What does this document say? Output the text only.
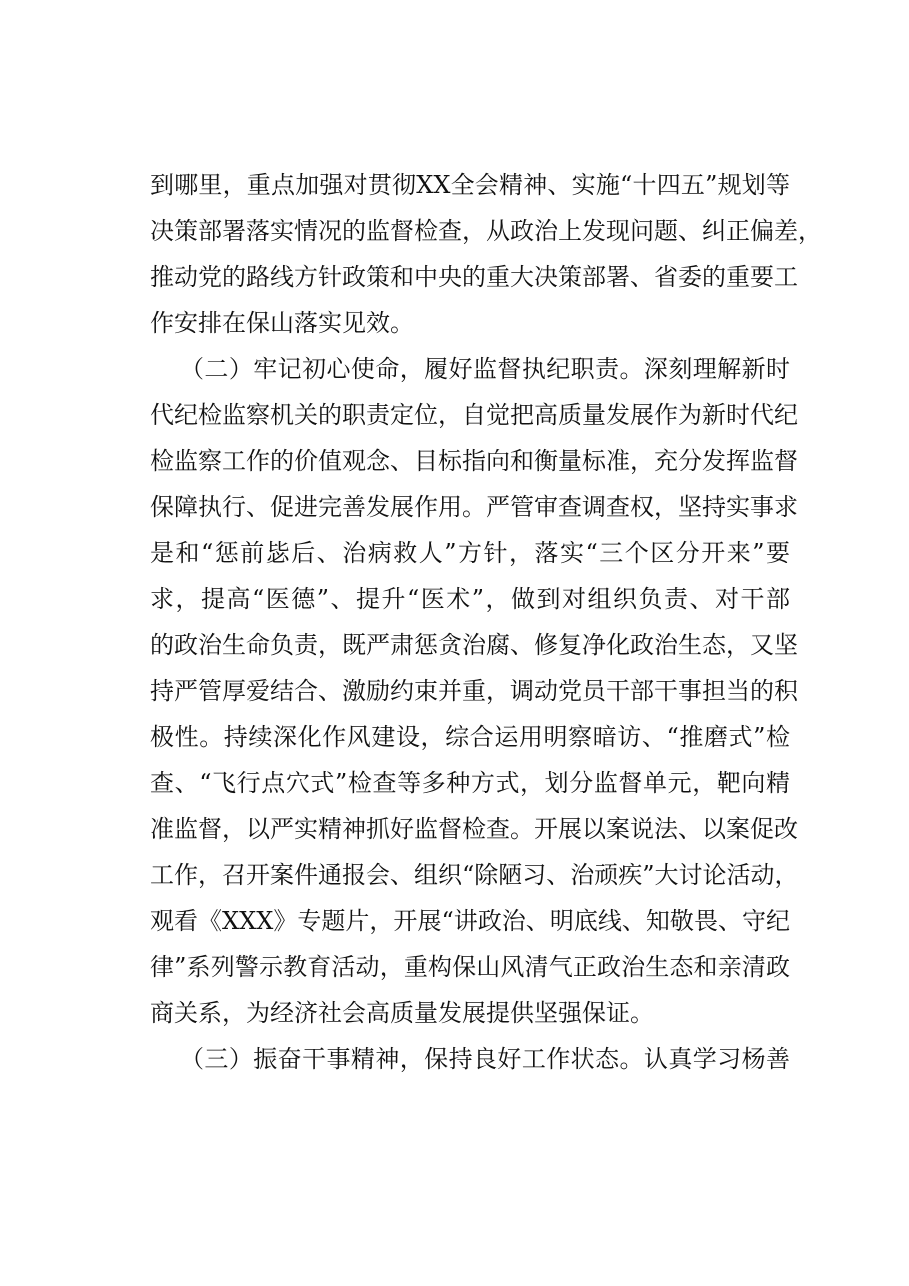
到哪里，重点加强对贯彻XX全会精神、实施“十四五”规划等
决策部署落实情况的监督检查，从政治上发现问题、纠正偏差，
推动党的路线方针政策和中央的重大决策部署、省委的重要工
作安排在保山落实见效。
（二）牢记初心使命，履好监督执纪职责。深刻理解新时
代纪检监察机关的职责定位，自觉把高质量发展作为新时代纪
检监察工作的价值观念、目标指向和衡量标准，充分发挥监督
保障执行、促进完善发展作用。严管审查调查权，坚持实事求
是和“惩前毖后、治病救人”方针，落实“三个区分开来”要
求，提高“医德”、提升“医术”，做到对组织负责、对干部
的政治生命负责，既严肃惩贪治腐、修复净化政治生态，又坚
持严管厚爱结合、激励约束并重，调动党员干部干事担当的积
极性。持续深化作风建设，综合运用明察暗访、“推磨式”检
查、“飞行点穴式”检查等多种方式，划分监督单元，靶向精
准监督，以严实精神抓好监督检查。开展以案说法、以案促改
工作，召开案件通报会、组织“除陋习、治顽疾”大讨论活动，
观看《XXX》专题片，开展“讲政治、明底线、知敬畏、守纪
律”系列警示教育活动，重构保山风清气正政治生态和亲清政
商关系，为经济社会高质量发展提供坚强保证。
（三）振奋干事精神，保持良好工作状态。认真学习杨善
